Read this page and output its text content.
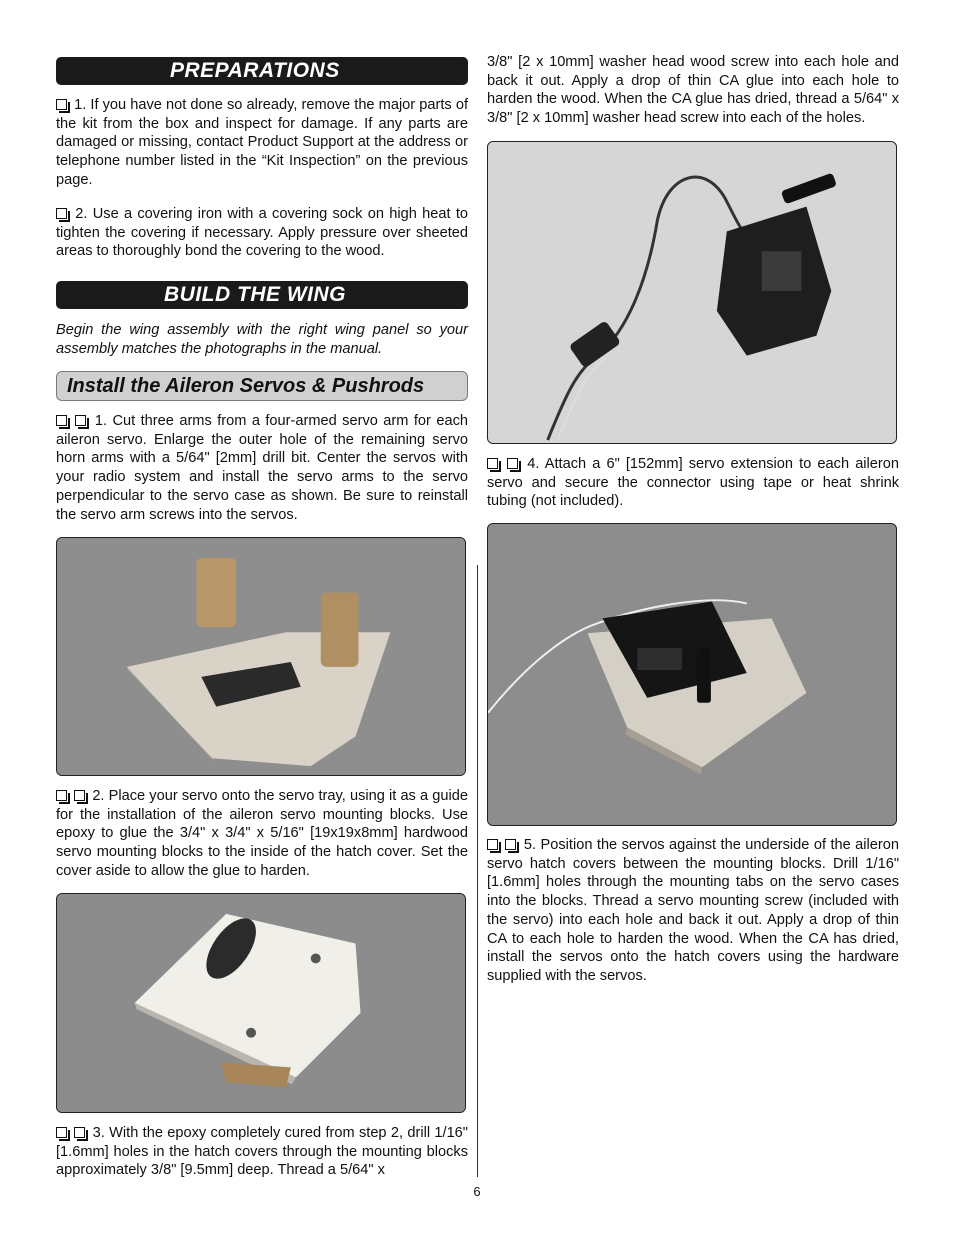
PREPARATIONS

1. If you have not done so already, remove the major parts of the kit from the box and inspect for damage. If any parts are damaged or missing, contact Product Support at the address or telephone number listed in the “Kit Inspection” on the previous page.

2. Use a covering iron with a covering sock on high heat to tighten the covering if necessary. Apply pressure over sheeted areas to thoroughly bond the covering to the wood.

BUILD THE WING

Begin the wing assembly with the right wing panel so your assembly matches the photographs in the manual.

Install the Aileron Servos & Pushrods

1. Cut three arms from a four-armed servo arm for each aileron servo. Enlarge the outer hole of the remaining servo horn arms with a 5/64" [2mm] drill bit. Center the servos with your radio system and install the servo arms to the servo perpendicular to the servo case as shown. Be sure to reinstall the servo arm screws into the servos.

2. Place your servo onto the servo tray, using it as a guide for the installation of the aileron servo mounting blocks. Use epoxy to glue the 3/4" x 3/4" x 5/16" [19x19x8mm] hardwood servo mounting blocks to the inside of the hatch cover. Set the cover aside to allow the glue to harden.

3. With the epoxy completely cured from step 2, drill 1/16" [1.6mm] holes in the hatch covers through the mounting blocks approximately 3/8" [9.5mm] deep. Thread a 5/64" x

3/8" [2 x 10mm] washer head wood screw into each hole and back it out. Apply a drop of thin CA glue into each hole to harden the wood. When the CA glue has dried, thread a 5/64" x 3/8" [2 x 10mm] washer head screw into each of the holes.

4. Attach a 6" [152mm] servo extension to each aileron servo and secure the connector using tape or heat shrink tubing (not included).

5. Position the servos against the underside of the aileron servo hatch covers between the mounting blocks. Drill 1/16" [1.6mm] holes through the mounting tabs on the servo cases into the blocks. Thread a servo mounting screw (included with the servo) into each hole and back it out. Apply a drop of thin CA to each hole to harden the wood. When the CA has dried, install the servos onto the hatch covers using the hardware supplied with the servos.

6
